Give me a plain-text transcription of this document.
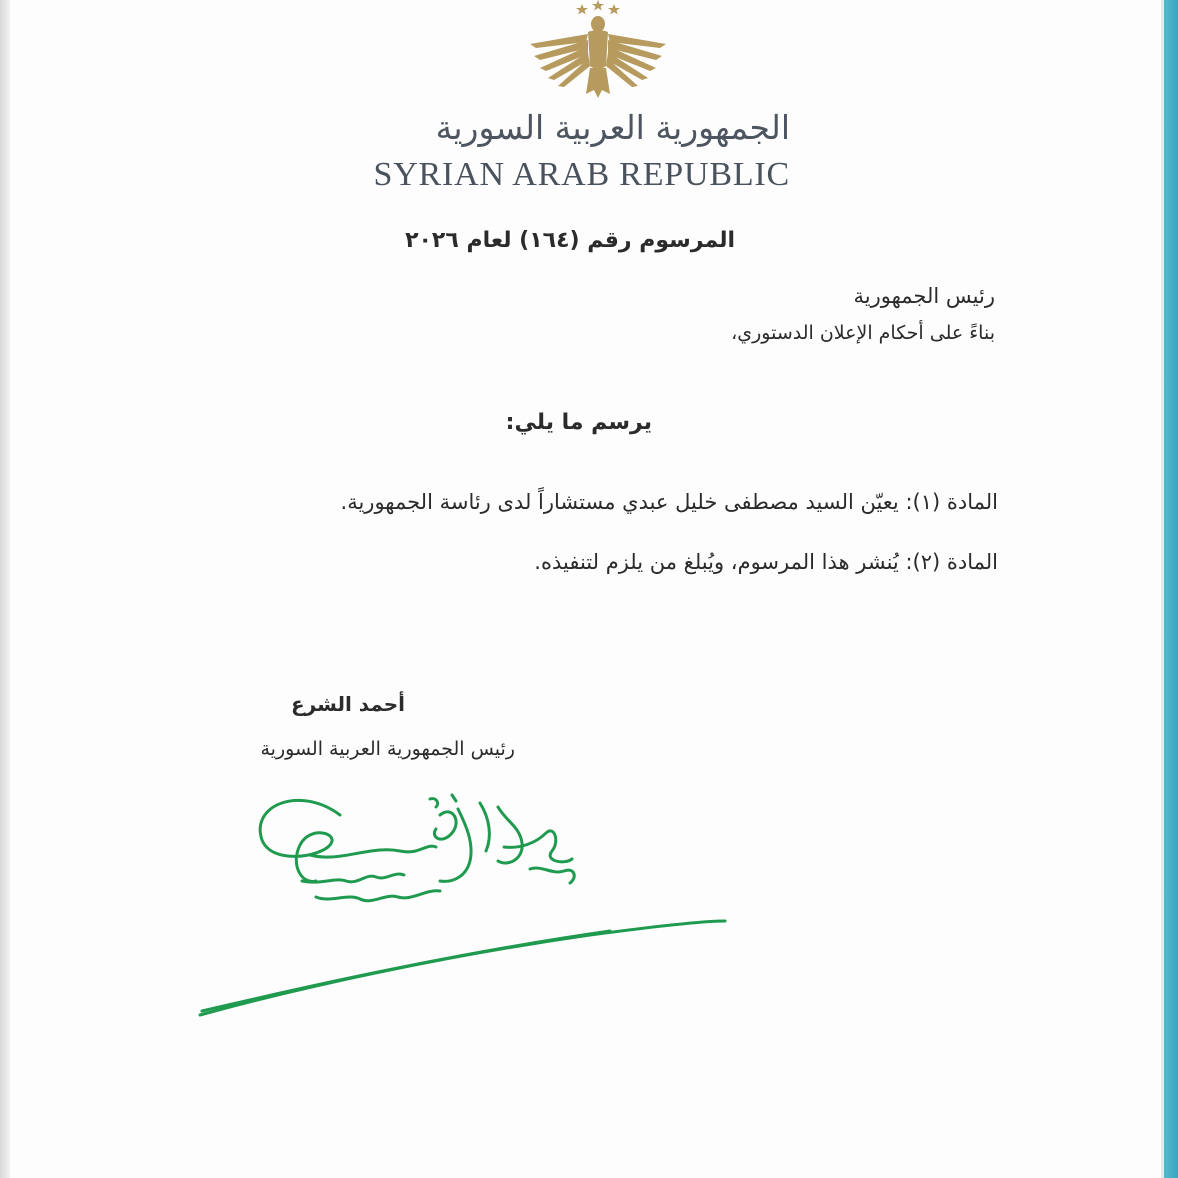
الجمهورية العربية السورية
SYRIAN ARAB REPUBLIC
المرسوم رقم (١٦٤) لعام ٢٠٢٦
رئيس الجمهورية
بناءً على أحكام الإعلان الدستوري،
يرسم ما يلي:
المادة (١): يعيّن السيد مصطفى خليل عبدي مستشاراً لدى رئاسة الجمهورية.
المادة (٢): يُنشر هذا المرسوم، ويُبلغ من يلزم لتنفيذه.
أحمد الشرع
رئيس الجمهورية العربية السورية
